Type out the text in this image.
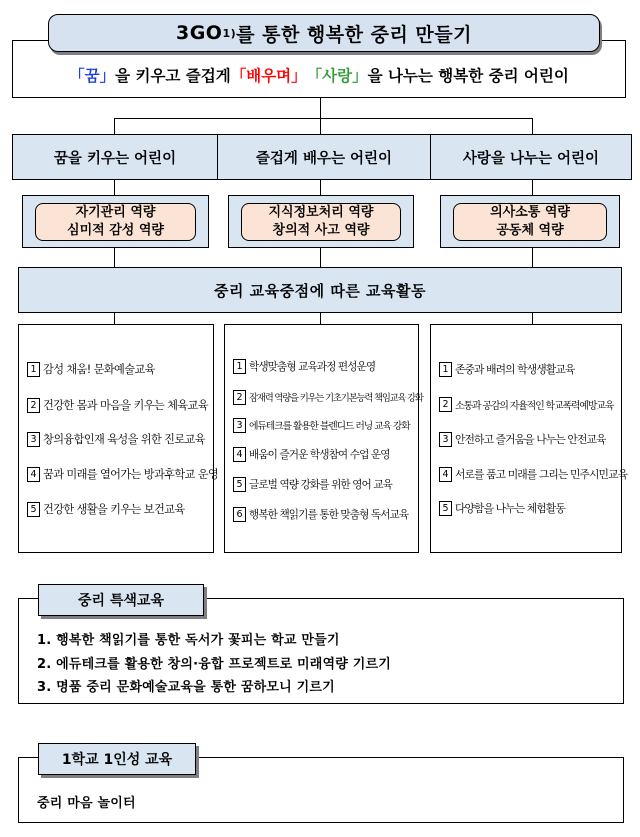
「꿈」 을 키우고 즐겁게 「배우며」 「사랑」 을 나누는 행복한 중리 어린이
3GO 1) 를 통한 행복한 중리 만들기
꿈을 키우는 어린이	즐겁게 배우는 어린이	사랑을 나누는 어린이
자기관리 역량
심미적 감성 역량
지식정보처리 역량
창의적 사고 역량
의사소통 역량
공동체 역량
중리 교육중점에 따른 교육활동
1 감성 채움! 문화예술교육
2 건강한 몸과 마음을 키우는 체육교육
3 창의융합인재 육성을 위한 진로교육
4 꿈과 미래를 열어가는 방과후학교 운영
5 건강한 생활을 키우는 보건교육
1 학생맞춤형 교육과정 편성운영
2 잠재력 역량을 키우는 기초기본능력 책임교육 강화
3 에듀테크를 활용한 블렌디드 러닝 교육 강화
4 배움이 즐거운 학생참여 수업 운영
5 글로벌 역량 강화를 위한 영어 교육
6 행복한 책읽기를 통한 맞춤형 독서교육
1 존중과 배려의 학생생활교육
2 소통과 공감의 자율적인 학교폭력예방교육
3 안전하고 즐거움을 나누는 안전교육
4 서로를 품고 미래를 그리는 민주시민교육
5 다양함을 나누는 체험활동
1. 행복한 책읽기를 통한 독서가 꽃피는 학교 만들기
2. 에듀테크를 활용한 창의·융합 프로젝트로 미래역량 기르기
3. 명품 중리 문화예술교육을 통한 꿈하모니 기르기
중리 특색교육
중리 마음 놀이터
1학교 1인성 교육
